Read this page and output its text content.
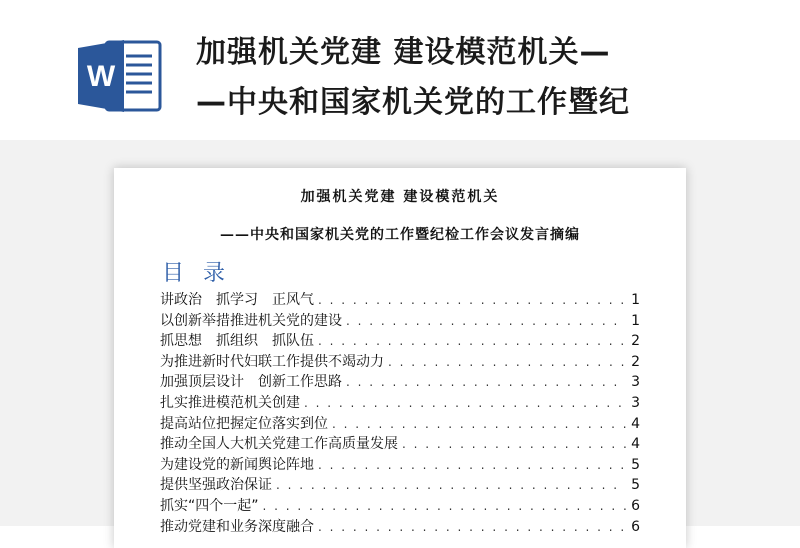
W
加强机关党建 建设模范机关—
—中央和国家机关党的工作暨纪
加强机关党建 建设模范机关
——中央和国家机关党的工作暨纪检工作会议发言摘编
目 录
讲政治　抓学习　正风气 . . .	1
以创新举措推进机关党的建设 . . .	1
抓思想　抓组织　抓队伍 . . .	2
为推进新时代妇联工作提供不竭动力 . . .	2
加强顶层设计　创新工作思路 . . .	3
扎实推进模范机关创建 . . .	3
提高站位把握定位落实到位 . . .	4
推动全国人大机关党建工作高质量发展 . . .	4
为建设党的新闻舆论阵地 . . .	5
提供坚强政治保证 . . .	5
抓实“四个一起” . . .	6
推动党建和业务深度融合 . . .	6
